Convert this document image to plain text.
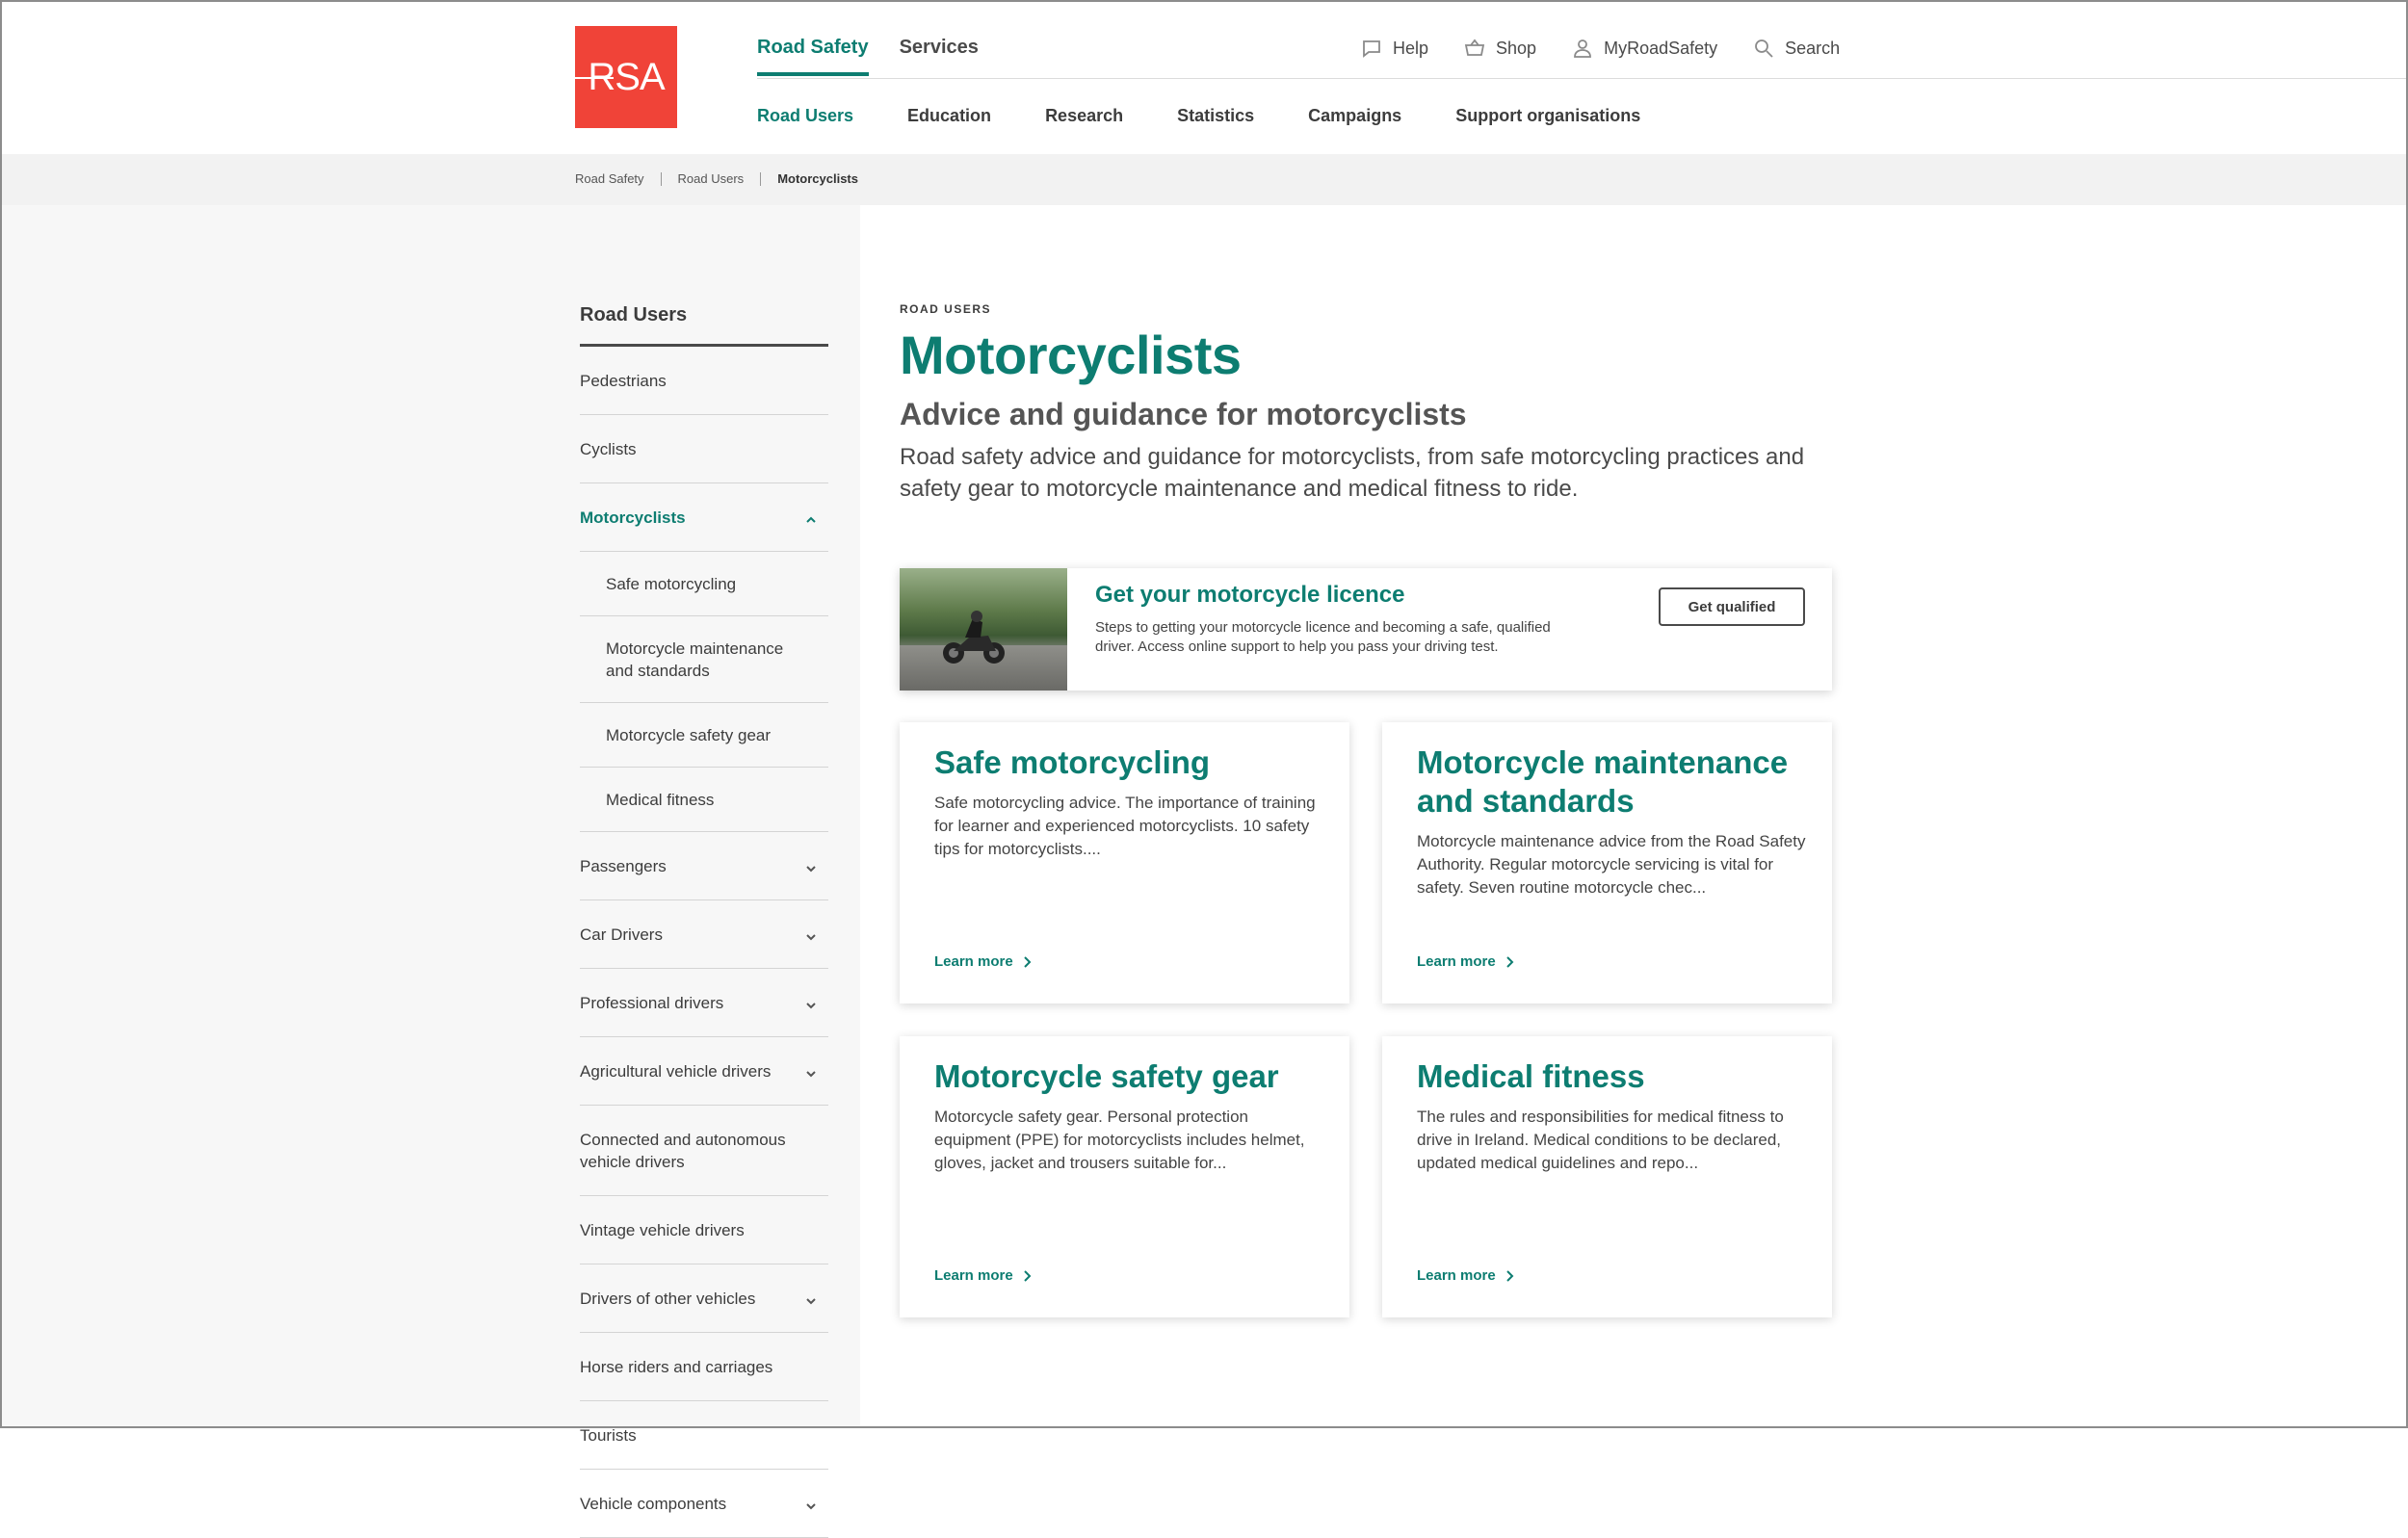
RSA
Road Safety Services	Help	Shop	MyRoadSafety	Search
Road Users	Education	Research	Statistics	Campaigns	Support organisations
Road Safety	Road Users	Motorcyclists
Road Users
Pedestrians
Cyclists
Motorcyclists
Safe motorcycling
Motorcycle maintenance and standards
Motorcycle safety gear
Medical fitness
Passengers
Car Drivers
Professional drivers
Agricultural vehicle drivers
Connected and autonomous vehicle drivers
Vintage vehicle drivers
Drivers of other vehicles
Horse riders and carriages
Tourists
Vehicle components
ROAD USERS
Motorcyclists
Advice and guidance for motorcyclists

Road safety advice and guidance for motorcyclists, from safe motorcycling practices and safety gear to motorcycle maintenance and medical fitness to ride.

Get your motorcycle licence
Steps to getting your motorcycle licence and becoming a safe, qualified driver. Access online support to help you pass your driving test.
Get qualified
Safe motorcycling
Safe motorcycling advice. The importance of training for learner and experienced motorcyclists. 10 safety tips for motorcyclists....
Learn more
Motorcycle maintenance and standards
Motorcycle maintenance advice from the Road Safety Authority. Regular motorcycle servicing is vital for safety. Seven routine motorcycle chec...
Learn more
Motorcycle safety gear
Motorcycle safety gear. Personal protection equipment (PPE) for motorcyclists includes helmet, gloves, jacket and trousers suitable for...
Learn more
Medical fitness
The rules and responsibilities for medical fitness to drive in Ireland. Medical conditions to be declared, updated medical guidelines and repo...
Learn more
